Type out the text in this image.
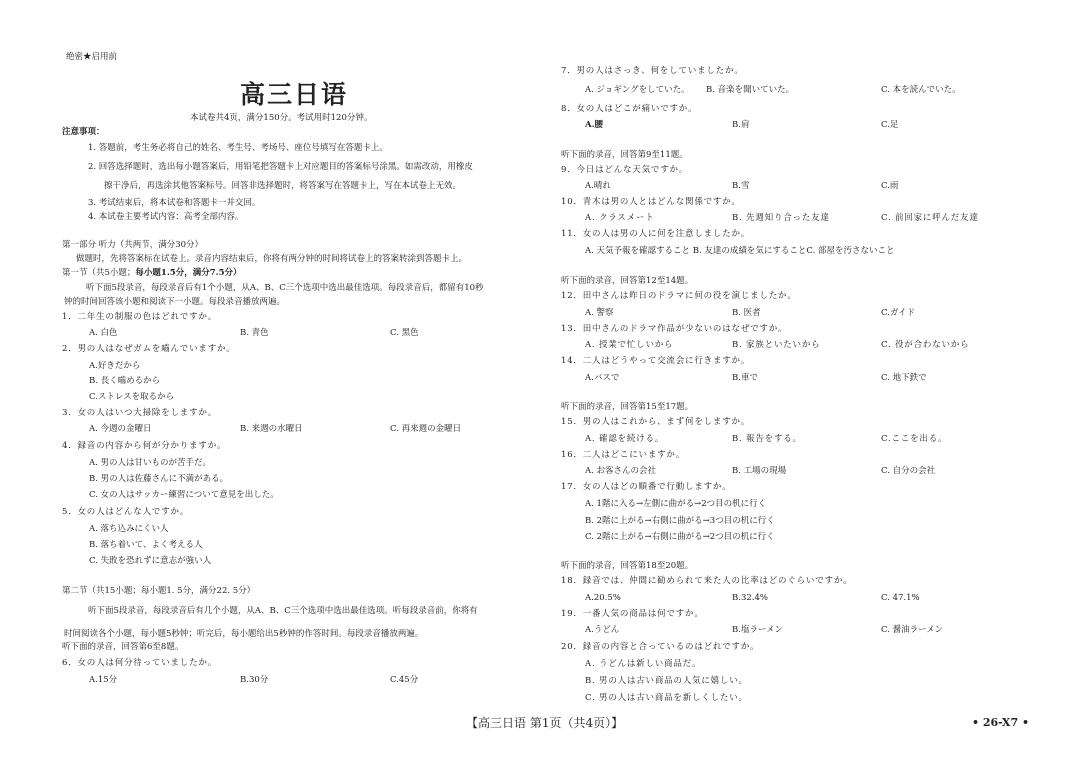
绝密★启用前
高三日语
本试卷共4页，满分150分。考试用时120分钟。
注意事项：
1. 答题前，考生务必将自己的姓名、考生号、考场号、座位号填写在答题卡上。
2. 回答选择题时，选出每小题答案后，用铅笔把答题卡上对应题目的答案标号涂黑。如需改动，用橡皮
擦干净后，再选涂其他答案标号。回答非选择题时，将答案写在答题卡上，写在本试卷上无效。
3. 考试结束后，将本试卷和答题卡一并交回。
4. 本试卷主要考试内容：高考全部内容。
第一部分 听力（共两节，满分30分）
做题时，先将答案标在试卷上。录音内容结束后，你将有两分钟的时间将试卷上的答案转涂到答题卡上。
第一节（共5小题；每小题1.5分，满分7.5分）
听下面5段录音，每段录音后有1个小题，从A、B、C三个选项中选出最佳选项。每段录音后，都留有10秒
钟的时间回答该小题和阅读下一小题。每段录音播放两遍。
1．二年生の制服の色はどれですか。
A. 白色	B. 青色	C. 黑色
2．男の人はなぜガムを嚙んでいますか。
A.好きだから
B. 長く嚙めるから
C.ストレスを取るから
3．女の人はいつ大掃除をしますか。
A. 今週の金曜日	B. 来週の水曜日	C. 再来週の金曜日
4．録音の内容から何が分かりますか。
A. 男の人は甘いものが苦手だ。
B. 男の人は佐藤さんに不満がある。
C. 女の人はサッカー練習について意見を出した。
5．女の人はどんな人ですか。
A. 落ち込みにくい人
B. 落ち着いて、よく考える人
C. 失敗を恐れずに意志が強い人
第二节（共15小题；每小题1. 5分，满分22. 5分）
听下面5段录音，每段录音后有几个小题，从A、B、C三个选项中选出最佳选项。听每段录音前，你将有
时间阅读各个小题，每小题5秒钟；听完后，每小题给出5秒钟的作答时间。每段录音播放两遍。
听下面的录音，回答第6至8题。
6．女の人は何分待っていましたか。
A.15分	B.30分	C.45分
7．男の人はさっき、何をしていましたか。
A. ジョギングをしていた。 B. 音楽を聞いていた。	C. 本を読んでいた。
8．女の人はどこが痛いですか。
A.腰	B.肩	C.足
听下面的录音，回答第9至11题。
9．今日はどんな天気ですか。
A.晴れ	B.雪	C.雨
10．青木は男の人とはどんな関係ですか。
A. クラスメート	B. 先週知り合った友達	C. 前回家に呼んだ友達
11．女の人は男の人に何を注意しましたか。
A. 天気予報を確認すること B. 友達の成績を気にすることC. 部屋を汚さないこと
听下面的录音，回答第12至14题。
12．田中さんは昨日のドラマに何の役を演じましたか。
A. 警察	B. 医者	C.ガイド
13．田中さんのドラマ作品が少ないのはなぜですか。
A. 授業で忙しいから	B. 家族といたいから	C. 役が合わないから
14．二人はどうやって交流会に行きますか。
A.バスで	B.車で	C. 地下鉄で
听下面的录音，回答第15至17题。
15．男の人はこれから、まず何をしますか。
A. 確認を続ける。	B. 報告をする。	C.ここを出る。
16．二人はどこにいますか。
A. お客さんの会社	B. 工場の現場	C. 自分の会社
17．女の人はどの順番で行動しますか。
A. 1階に入る→左側に曲がる→2つ目の机に行く
B. 2階に上がる→右側に曲がる→3つ目の机に行く
C. 2階に上がる→右側に曲がる→2つ目の机に行く
听下面的录音，回答第18至20题。
18．録音では、仲間に勧められて来た人の比率はどのぐらいですか。
A.20.5%	B.32.4%	C. 47.1%
19．一番人気の商品は何ですか。
A.うどん	B.塩ラーメン	C. 醤油ラーメン
20．録音の内容と合っているのはどれですか。
A. うどんは新しい商品だ。
B. 男の人は古い商品の人気に嬉しい。
C. 男の人は古い商品を新しくしたい。
【高三日语 第1页（共4页）】	• 26-X7 •
